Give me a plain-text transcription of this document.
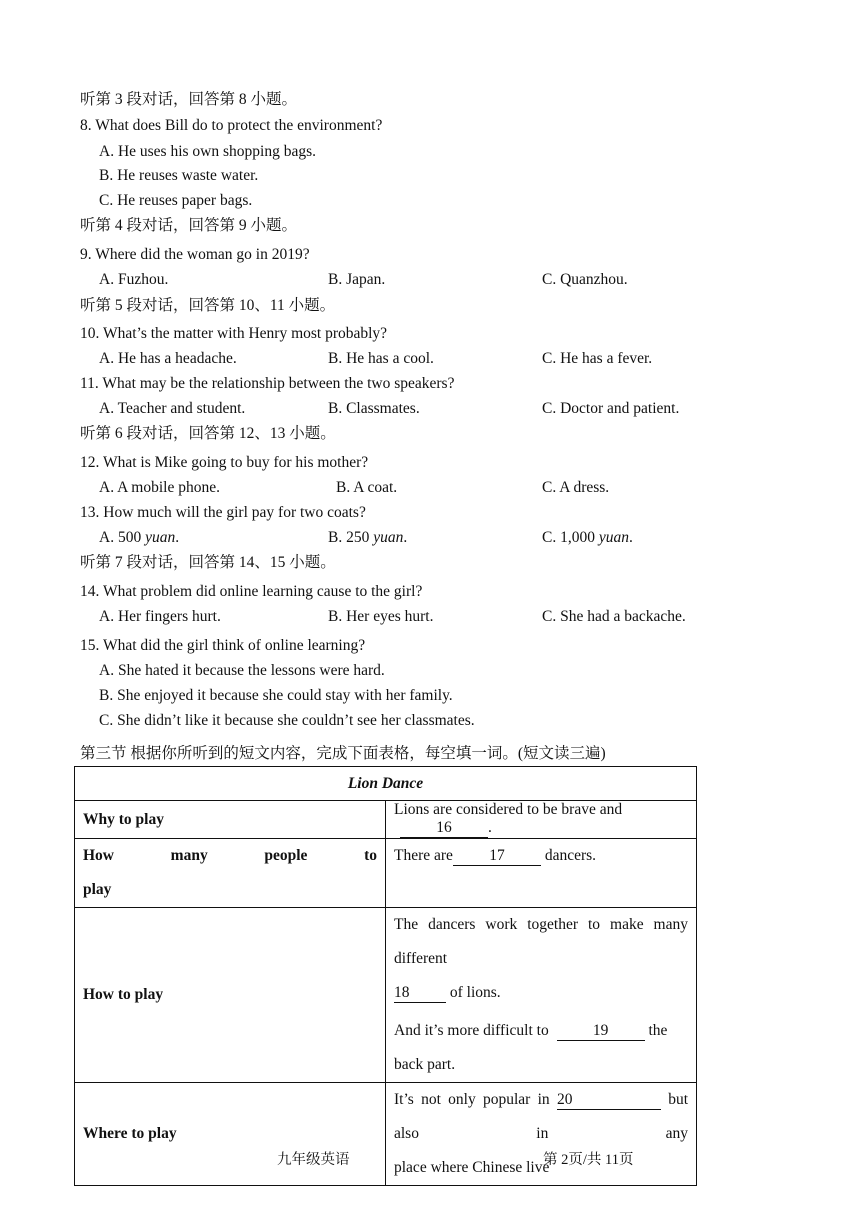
听第 3 段对话，回答第 8 小题。
8. What does Bill do to protect the environment?
A. He uses his own shopping bags.
B. He reuses waste water.
C. He reuses paper bags.
听第 4 段对话，回答第 9 小题。
9. Where did the woman go in 2019?
A. Fuzhou.	B. Japan.	C. Quanzhou.
听第 5 段对话，回答第 10、11 小题。
10. What’s the matter with Henry most probably?
A. He has a headache.	B. He has a cool.	C. He has a fever.
11. What may be the relationship between the two speakers?
A. Teacher and student.	B. Classmates.	C. Doctor and patient.
听第 6 段对话，回答第 12、13 小题。
12. What is Mike going to buy for his mother?
A. A mobile phone.	B. A coat.	C. A dress.
13. How much will the girl pay for two coats?
A. 500 yuan.	B. 250 yuan.	C. 1,000 yuan.
听第 7 段对话，回答第 14、15 小题。
14. What problem did online learning cause to the girl?
A. Her fingers hurt.	B. Her eyes hurt.	C. She had a backache.
15. What did the girl think of online learning?
A. She hated it because the lessons were hard.
B. She enjoyed it because she could stay with her family.
C. She didn’t like it because she couldn’t see her classmates.
第三节 根据你所听到的短文内容，完成下面表格，每空填一词。(短文读三遍)
Lion Dance	
Why to play	Lions are considered to be brave and 16 .

How many people to
play	There are 17 dancers.

How to play	The dancers work together to make many different
18 of lions.
And it’s more difficult to 19 the back part.

Where to play	It’s not only popular in 20 but also in any
place where Chinese live
九年级英语	第 2页/共 11页
